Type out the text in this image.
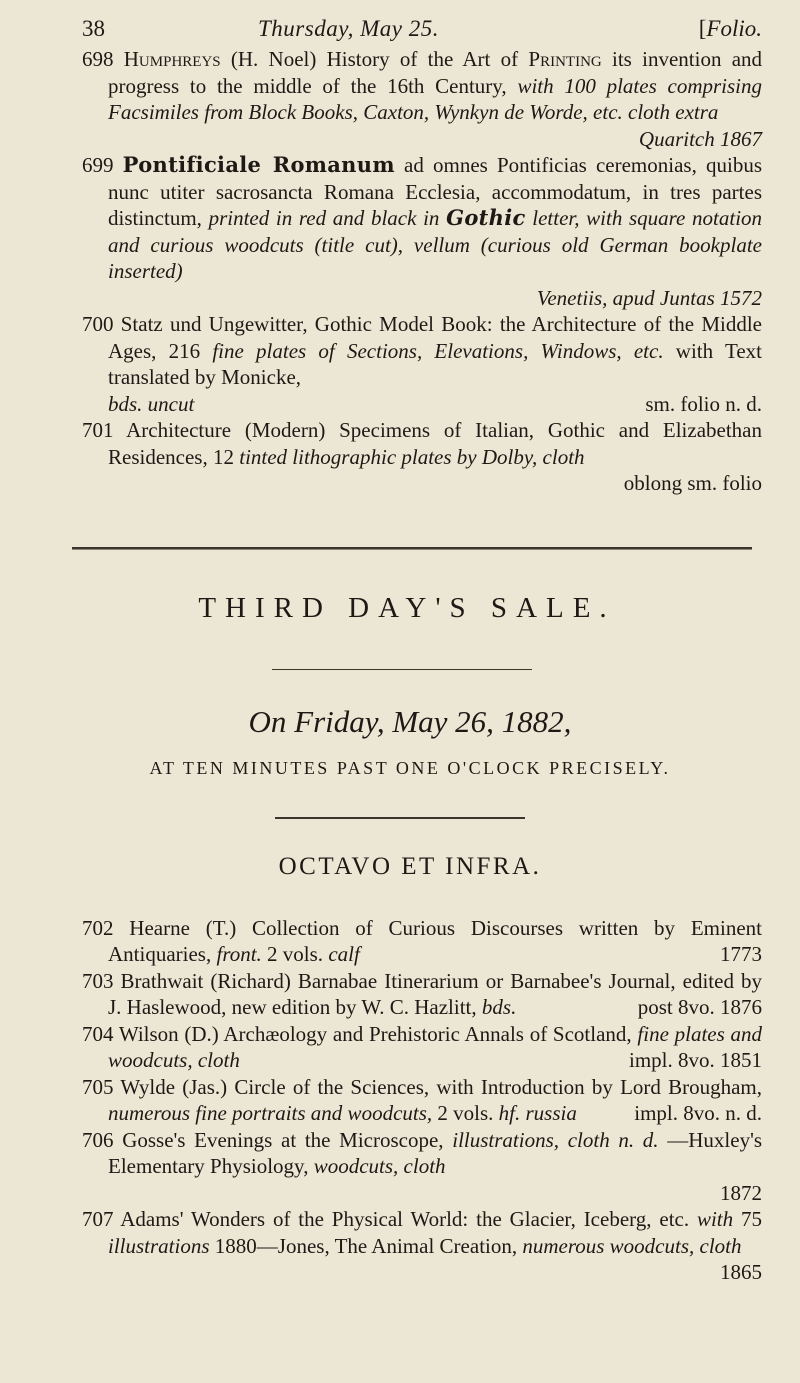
38	Thursday, May 25.	[Folio.
698 Humphreys (H. Noel) History of the Art of Printing its invention and progress to the middle of the 16th Century, with 100 plates comprising Facsimiles from Block Books, Caxton, Wynkyn de Worde, etc. cloth extra
Quaritch 1867
699 Pontificiale Romanum ad omnes Pontificias ceremonias, quibus nunc utiter sacrosancta Romana Ecclesia, accommodatum, in tres partes distinctum, printed in red and black in Gothic letter, with square notation and curious woodcuts (title cut), vellum (curious old German bookplate inserted)
Venetiis, apud Juntas 1572
700 Statz und Ungewitter, Gothic Model Book: the Architecture of the Middle Ages, 216 fine plates of Sections, Elevations, Windows, etc. with Text translated by Monicke,
bds. uncut	sm. folio n. d.
701 Architecture (Modern) Specimens of Italian, Gothic and Elizabethan Residences, 12 tinted lithographic plates by Dolby, cloth
oblong sm. folio
THIRD DAY'S SALE.
On Friday, May 26, 1882,
AT TEN MINUTES PAST ONE O'CLOCK PRECISELY.
OCTAVO ET INFRA.
702 Hearne (T.) Collection of Curious Discourses written by Eminent Antiquaries, front. 2 vols. calf	1773
703 Brathwait (Richard) Barnabae Itinerarium or Barnabee's Journal, edited by J. Haslewood, new edition by W. C. Hazlitt, bds.	post 8vo. 1876
704 Wilson (D.) Archæology and Prehistoric Annals of Scotland, fine plates and woodcuts, cloth	impl. 8vo. 1851
705 Wylde (Jas.) Circle of the Sciences, with Introduction by Lord Brougham, numerous fine portraits and woodcuts, 2 vols. hf. russia	impl. 8vo. n. d.
706 Gosse's Evenings at the Microscope, illustrations, cloth n. d. —Huxley's Elementary Physiology, woodcuts, cloth
1872
707 Adams' Wonders of the Physical World: the Glacier, Iceberg, etc. with 75 illustrations 1880—Jones, The Animal Creation, numerous woodcuts, cloth
1865
